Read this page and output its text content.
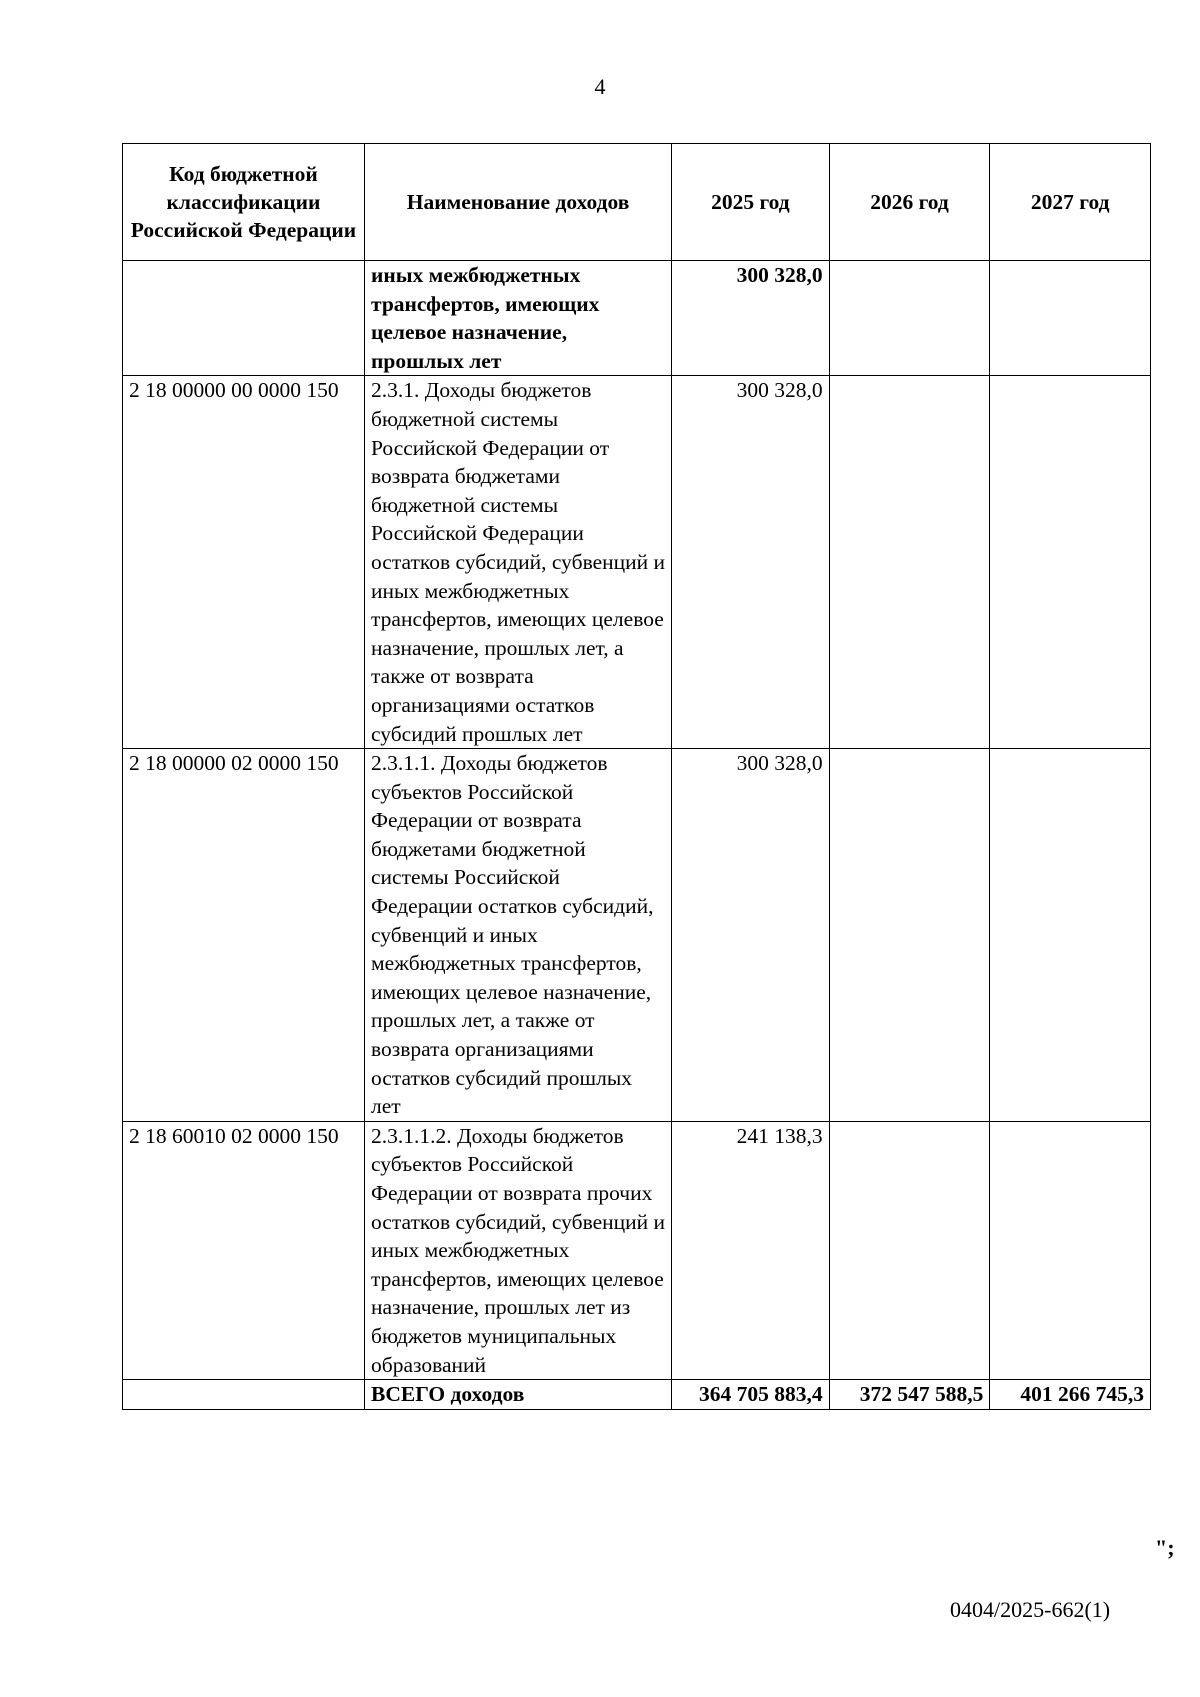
4
Код бюджетной классификации Российской Федерации	Наименование доходов	2025 год	2026 год	2027 год
	иных межбюджетных трансфертов, имеющих целевое назначение, прошлых лет	300 328,0		
2 18 00000 00 0000 150	2.3.1. Доходы бюджетов бюджетной системы Российской Федерации от возврата бюджетами бюджетной системы Российской Федерации остатков субсидий, субвенций и иных межбюджетных трансфертов, имеющих целевое назначение, прошлых лет, а также от возврата организациями остатков субсидий прошлых лет	300 328,0		
2 18 00000 02 0000 150	2.3.1.1. Доходы бюджетов субъектов Российской Федерации от возврата бюджетами бюджетной системы Российской Федерации остатков субсидий, субвенций и иных межбюджетных трансфертов, имеющих целевое назначение, прошлых лет, а также от возврата организациями остатков субсидий прошлых лет	300 328,0		
2 18 60010 02 0000 150	2.3.1.1.2. Доходы бюджетов субъектов Российской Федерации от возврата прочих остатков субсидий, субвенций и иных межбюджетных трансфертов, имеющих целевое назначение, прошлых лет из бюджетов муниципальных образований	241 138,3		
	ВСЕГО доходов	364 705 883,4	372 547 588,5	401 266 745,3
";
0404/2025-662(1)
